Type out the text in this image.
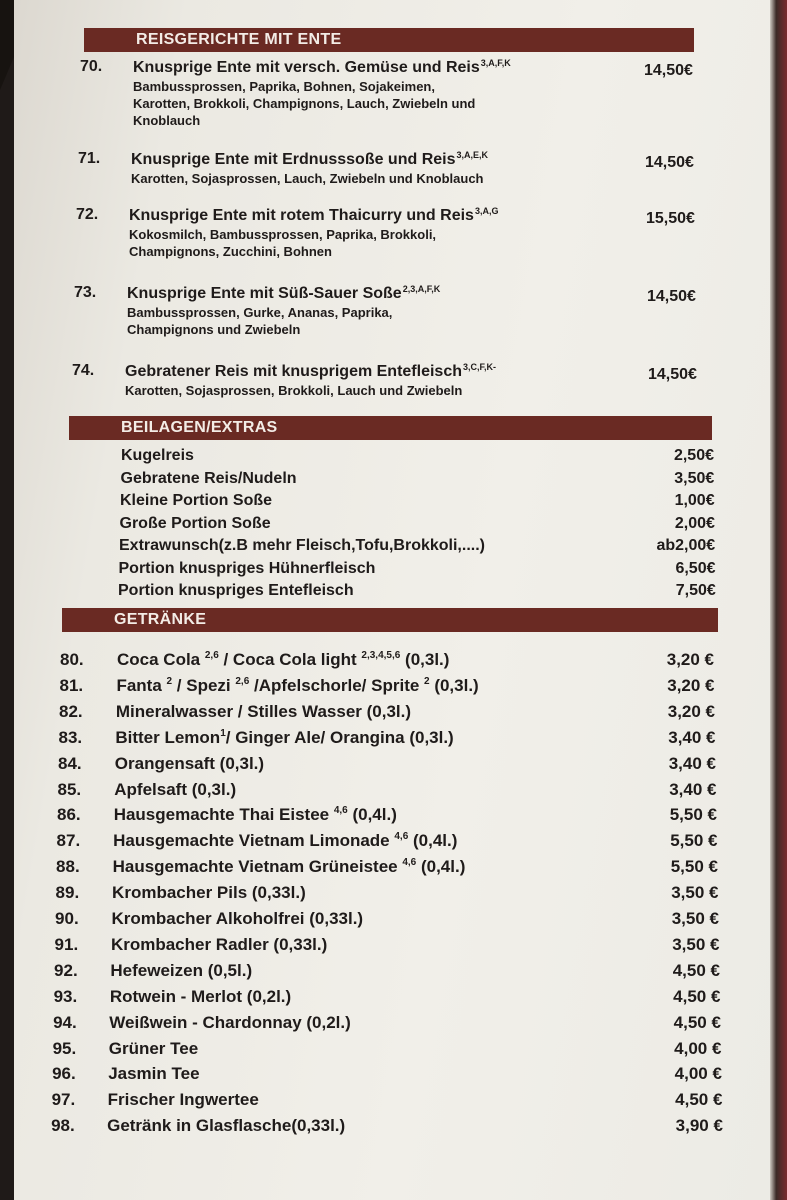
REISGERICHTE MIT ENTE
70. Knusprige Ente mit versch. Gemüse und Reis$^{3,A,F,K}$	14,50€
Bambussprossen, Paprika, Bohnen, Sojakeimen,
Karotten, Brokkoli, Champignons, Lauch, Zwiebeln und
Knoblauch
71. Knusprige Ente mit Erdnusssoße und Reis$^{3,A,E,K}$	14,50€
Karotten, Sojasprossen, Lauch, Zwiebeln und Knoblauch
72. Knusprige Ente mit rotem Thaicurry und Reis$^{3,A,G}$	15,50€
Kokosmilch, Bambussprossen, Paprika, Brokkoli,
Champignons, Zucchini, Bohnen
73. Knusprige Ente mit Süß-Sauer Soße$^{2,3,A,F,K}$	14,50€
Bambussprossen, Gurke, Ananas, Paprika,
Champignons und Zwiebeln
74. Gebratener Reis mit knusprigem Entefleisch$^{3,C,F,K-}$	14,50€
Karotten, Sojasprossen, Brokkoli, Lauch und Zwiebeln
BEILAGEN/EXTRAS
Kugelreis	2,50€
Gebratene Reis/Nudeln	3,50€
Kleine Portion Soße	1,00€
Große Portion Soße	2,00€
Extrawunsch(z.B mehr Fleisch,Tofu,Brokkoli,....)	ab2,00€
Portion knuspriges Hühnerfleisch	6,50€
Portion knuspriges Entefleisch	7,50€
GETRÄNKE
80. Coca Cola $^{2,6}$ / Coca Cola light $^{2,3,4,5,6}$ (0,3l.)	3,20 €
81. Fanta $^2$ / Spezi $^{2,6}$ /Apfelschorle/ Sprite $^2$ (0,3l.)	3,20 €
82. Mineralwasser / Stilles Wasser (0,3l.)	3,20 €
83. Bitter Lemon$^1$/ Ginger Ale/ Orangina (0,3l.)	3,40 €
84. Orangensaft (0,3l.)	3,40 €
85. Apfelsaft (0,3l.)	3,40 €
86. Hausgemachte Thai Eistee $^{4,6}$ (0,4l.)	5,50 €
87. Hausgemachte Vietnam Limonade $^{4,6}$ (0,4l.)	5,50 €
88. Hausgemachte Vietnam Grüneistee $^{4,6}$ (0,4l.)	5,50 €
89. Krombacher Pils (0,33l.)	3,50 €
90. Krombacher Alkoholfrei (0,33l.)	3,50 €
91. Krombacher Radler (0,33l.)	3,50 €
92. Hefeweizen (0,5l.)	4,50 €
93. Rotwein - Merlot (0,2l.)	4,50 €
94. Weißwein - Chardonnay (0,2l.)	4,50 €
95. Grüner Tee	4,00 €
96. Jasmin Tee	4,00 €
97. Frischer Ingwertee	4,50 €
98. Getränk in Glasflasche(0,33l.)	3,90 €
